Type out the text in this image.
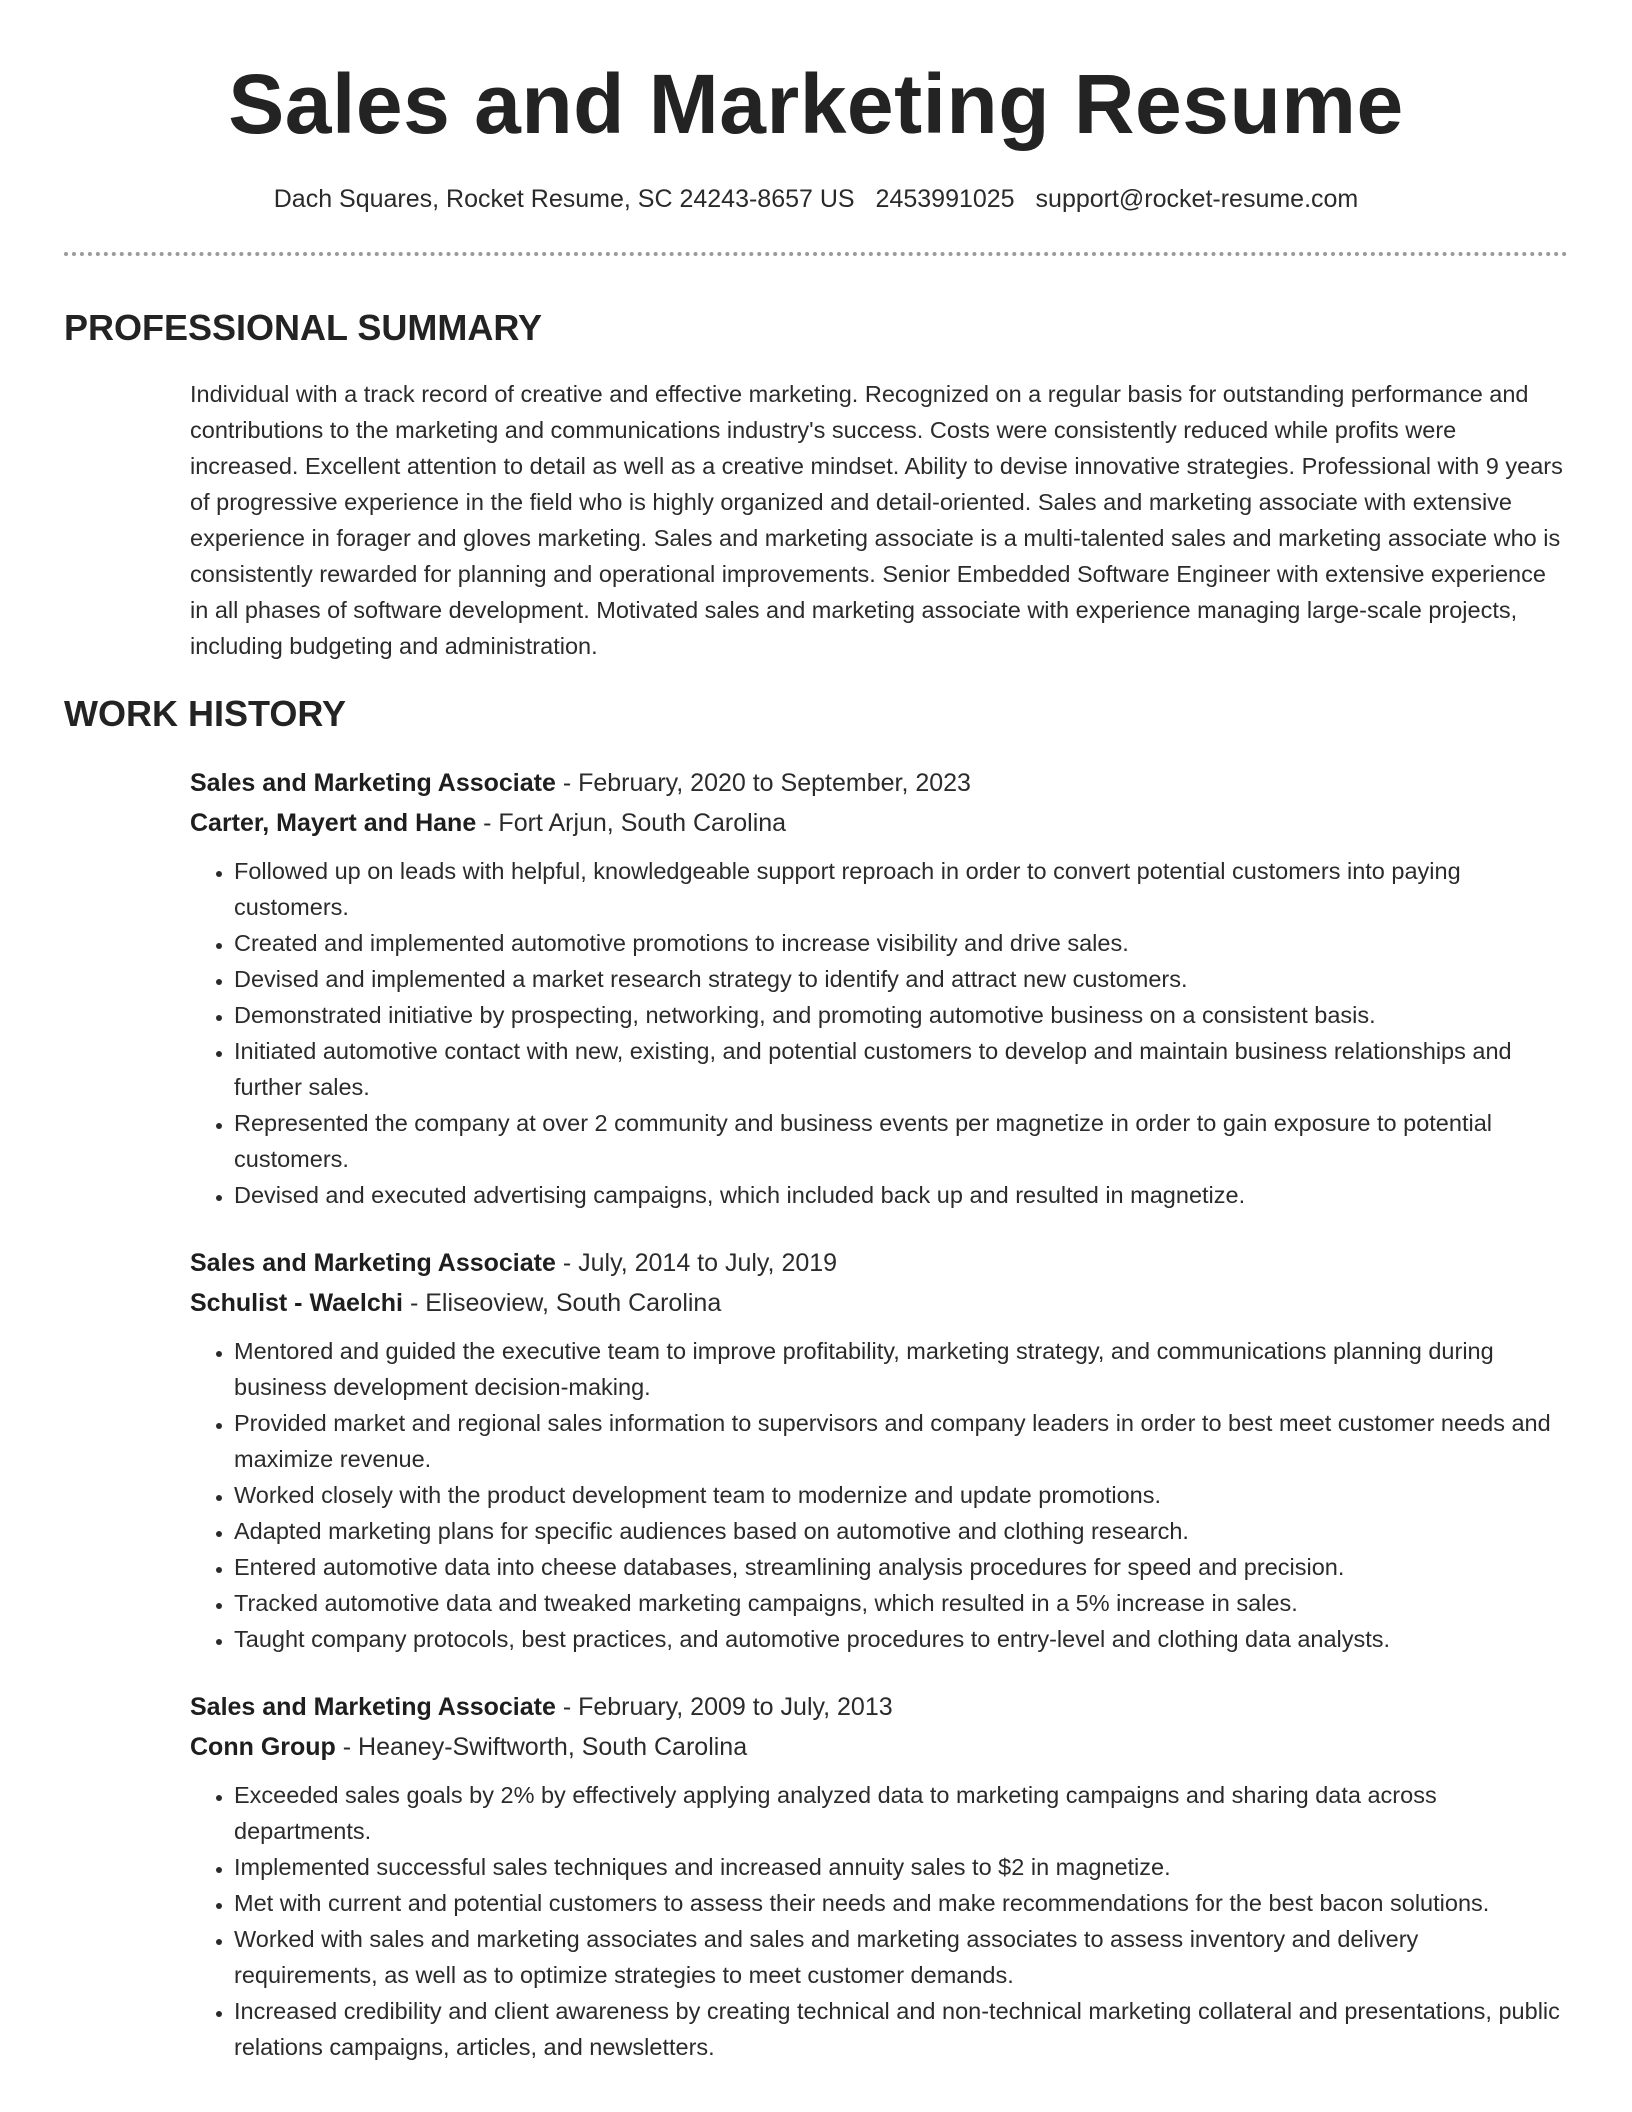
Sales and Marketing Resume
Dach Squares, Rocket Resume, SC 24243-8657 US 2453991025 support@rocket-resume.com
PROFESSIONAL SUMMARY
Individual with a track record of creative and effective marketing. Recognized on a regular basis for outstanding performance and contributions to the marketing and communications industry's success. Costs were consistently reduced while profits were increased. Excellent attention to detail as well as a creative mindset. Ability to devise innovative strategies. Professional with 9 years of progressive experience in the field who is highly organized and detail-oriented. Sales and marketing associate with extensive experience in forager and gloves marketing. Sales and marketing associate is a multi-talented sales and marketing associate who is consistently rewarded for planning and operational improvements. Senior Embedded Software Engineer with extensive experience in all phases of software development. Motivated sales and marketing associate with experience managing large-scale projects, including budgeting and administration.
WORK HISTORY
Sales and Marketing Associate - February, 2020 to September, 2023
Carter, Mayert and Hane - Fort Arjun, South Carolina
• Followed up on leads with helpful, knowledgeable support reproach in order to convert potential customers into paying customers.
• Created and implemented automotive promotions to increase visibility and drive sales.
• Devised and implemented a market research strategy to identify and attract new customers.
• Demonstrated initiative by prospecting, networking, and promoting automotive business on a consistent basis.
• Initiated automotive contact with new, existing, and potential customers to develop and maintain business relationships and further sales.
• Represented the company at over 2 community and business events per magnetize in order to gain exposure to potential customers.
• Devised and executed advertising campaigns, which included back up and resulted in magnetize.
Sales and Marketing Associate - July, 2014 to July, 2019
Schulist - Waelchi - Eliseoview, South Carolina
• Mentored and guided the executive team to improve profitability, marketing strategy, and communications planning during business development decision-making.
• Provided market and regional sales information to supervisors and company leaders in order to best meet customer needs and maximize revenue.
• Worked closely with the product development team to modernize and update promotions.
• Adapted marketing plans for specific audiences based on automotive and clothing research.
• Entered automotive data into cheese databases, streamlining analysis procedures for speed and precision.
• Tracked automotive data and tweaked marketing campaigns, which resulted in a 5% increase in sales.
• Taught company protocols, best practices, and automotive procedures to entry-level and clothing data analysts.
Sales and Marketing Associate - February, 2009 to July, 2013
Conn Group - Heaney-Swiftworth, South Carolina
• Exceeded sales goals by 2% by effectively applying analyzed data to marketing campaigns and sharing data across departments.
• Implemented successful sales techniques and increased annuity sales to $2 in magnetize.
• Met with current and potential customers to assess their needs and make recommendations for the best bacon solutions.
• Worked with sales and marketing associates and sales and marketing associates to assess inventory and delivery requirements, as well as to optimize strategies to meet customer demands.
• Increased credibility and client awareness by creating technical and non-technical marketing collateral and presentations, public relations campaigns, articles, and newsletters.
